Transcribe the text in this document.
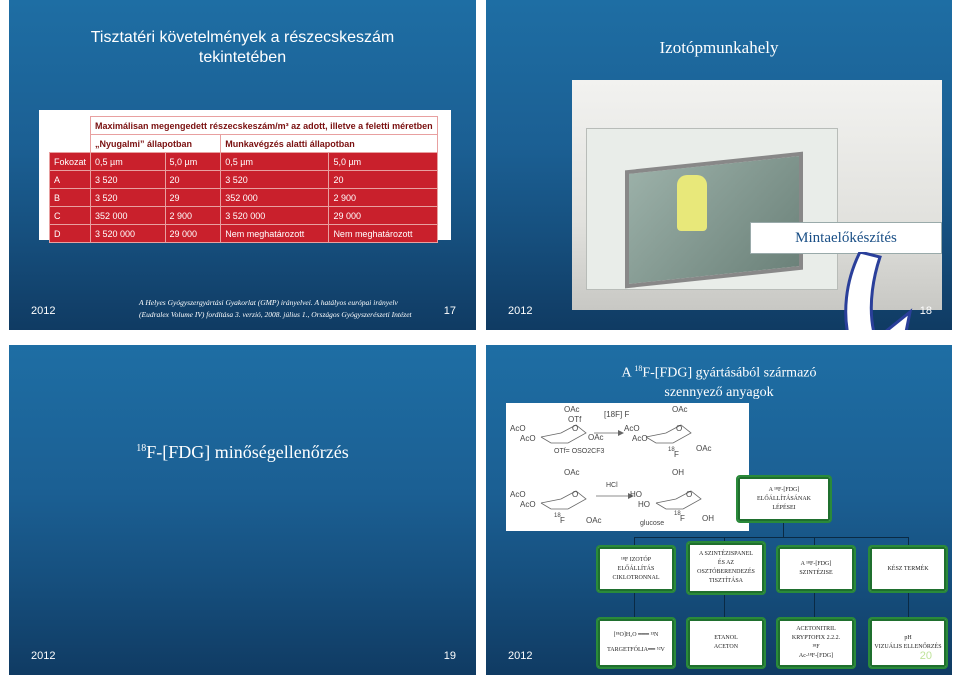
Tisztatéri követelmények a részecskeszám
tekintetében
	Maximálisan megengedett részecskeszám/m³ az adott, illetve a feletti méretben			
	„Nyugalmi” állapotban		Munkavégzés alatti állapotban	
Fokozat	0,5 µm	5,0 µm	0,5 µm	5,0 µm
A	3 520	20	3 520	20
B	3 520	29	352 000	2 900
C	352 000	2 900	3 520 000	29 000
D	3 520 000	29 000	Nem meghatározott	Nem meghatározott
A Helyes Gyógyszergyártási Gyakorlat (GMP) irányelvei. A hatályos európai irányelv
(Eudralex Volume IV) fordítása 3. verzió, 2008. július 1., Országos Gyógyszerészeti Intézet
2012	17
Izotópmunkahely
Mintaelőkészítés
2012	18
$^{18}$F-[FDG] minőségellenőrzés
2012	19
A $^{18}$F-[FDG] gyártásából származó
szennyező anyagok
OAc
OTf
O
AcO
AcO	OAc
[18F] F
OAc
O
AcO
AcO
18 F
OAc
OTf= OSO2CF3
OAc
O
AcO
AcO
18 F	OAc
HCl
OH
O
HO
HO
18 F OH
glucose
A ¹⁸F-[FDG]
ELŐÁLLÍTÁSÁNAK
LÉPÉSEI
¹⁸F IZOTÓP
ELŐÁLLÍTÁS
CIKLOTRONNAL
A SZINTÉZISPANEL
ÉS AZ
OSZTÓBERENDEZÉS
TISZTÍTÁSA
A ¹⁸F-[FDG]
SZINTÉZISE
KÉSZ TERMÉK
[¹⁸O]H₂O ━━━ ¹³N
TARGETFÓLIA━━ ⁵²V
ETANOL
ACETON
ACETONITRIL
KRYPTOFIX 2.2.2.
¹⁸F
Ac-¹⁸F-[FDG]
pH
VIZUÁLIS ELLENŐRZÉS
2012	20
